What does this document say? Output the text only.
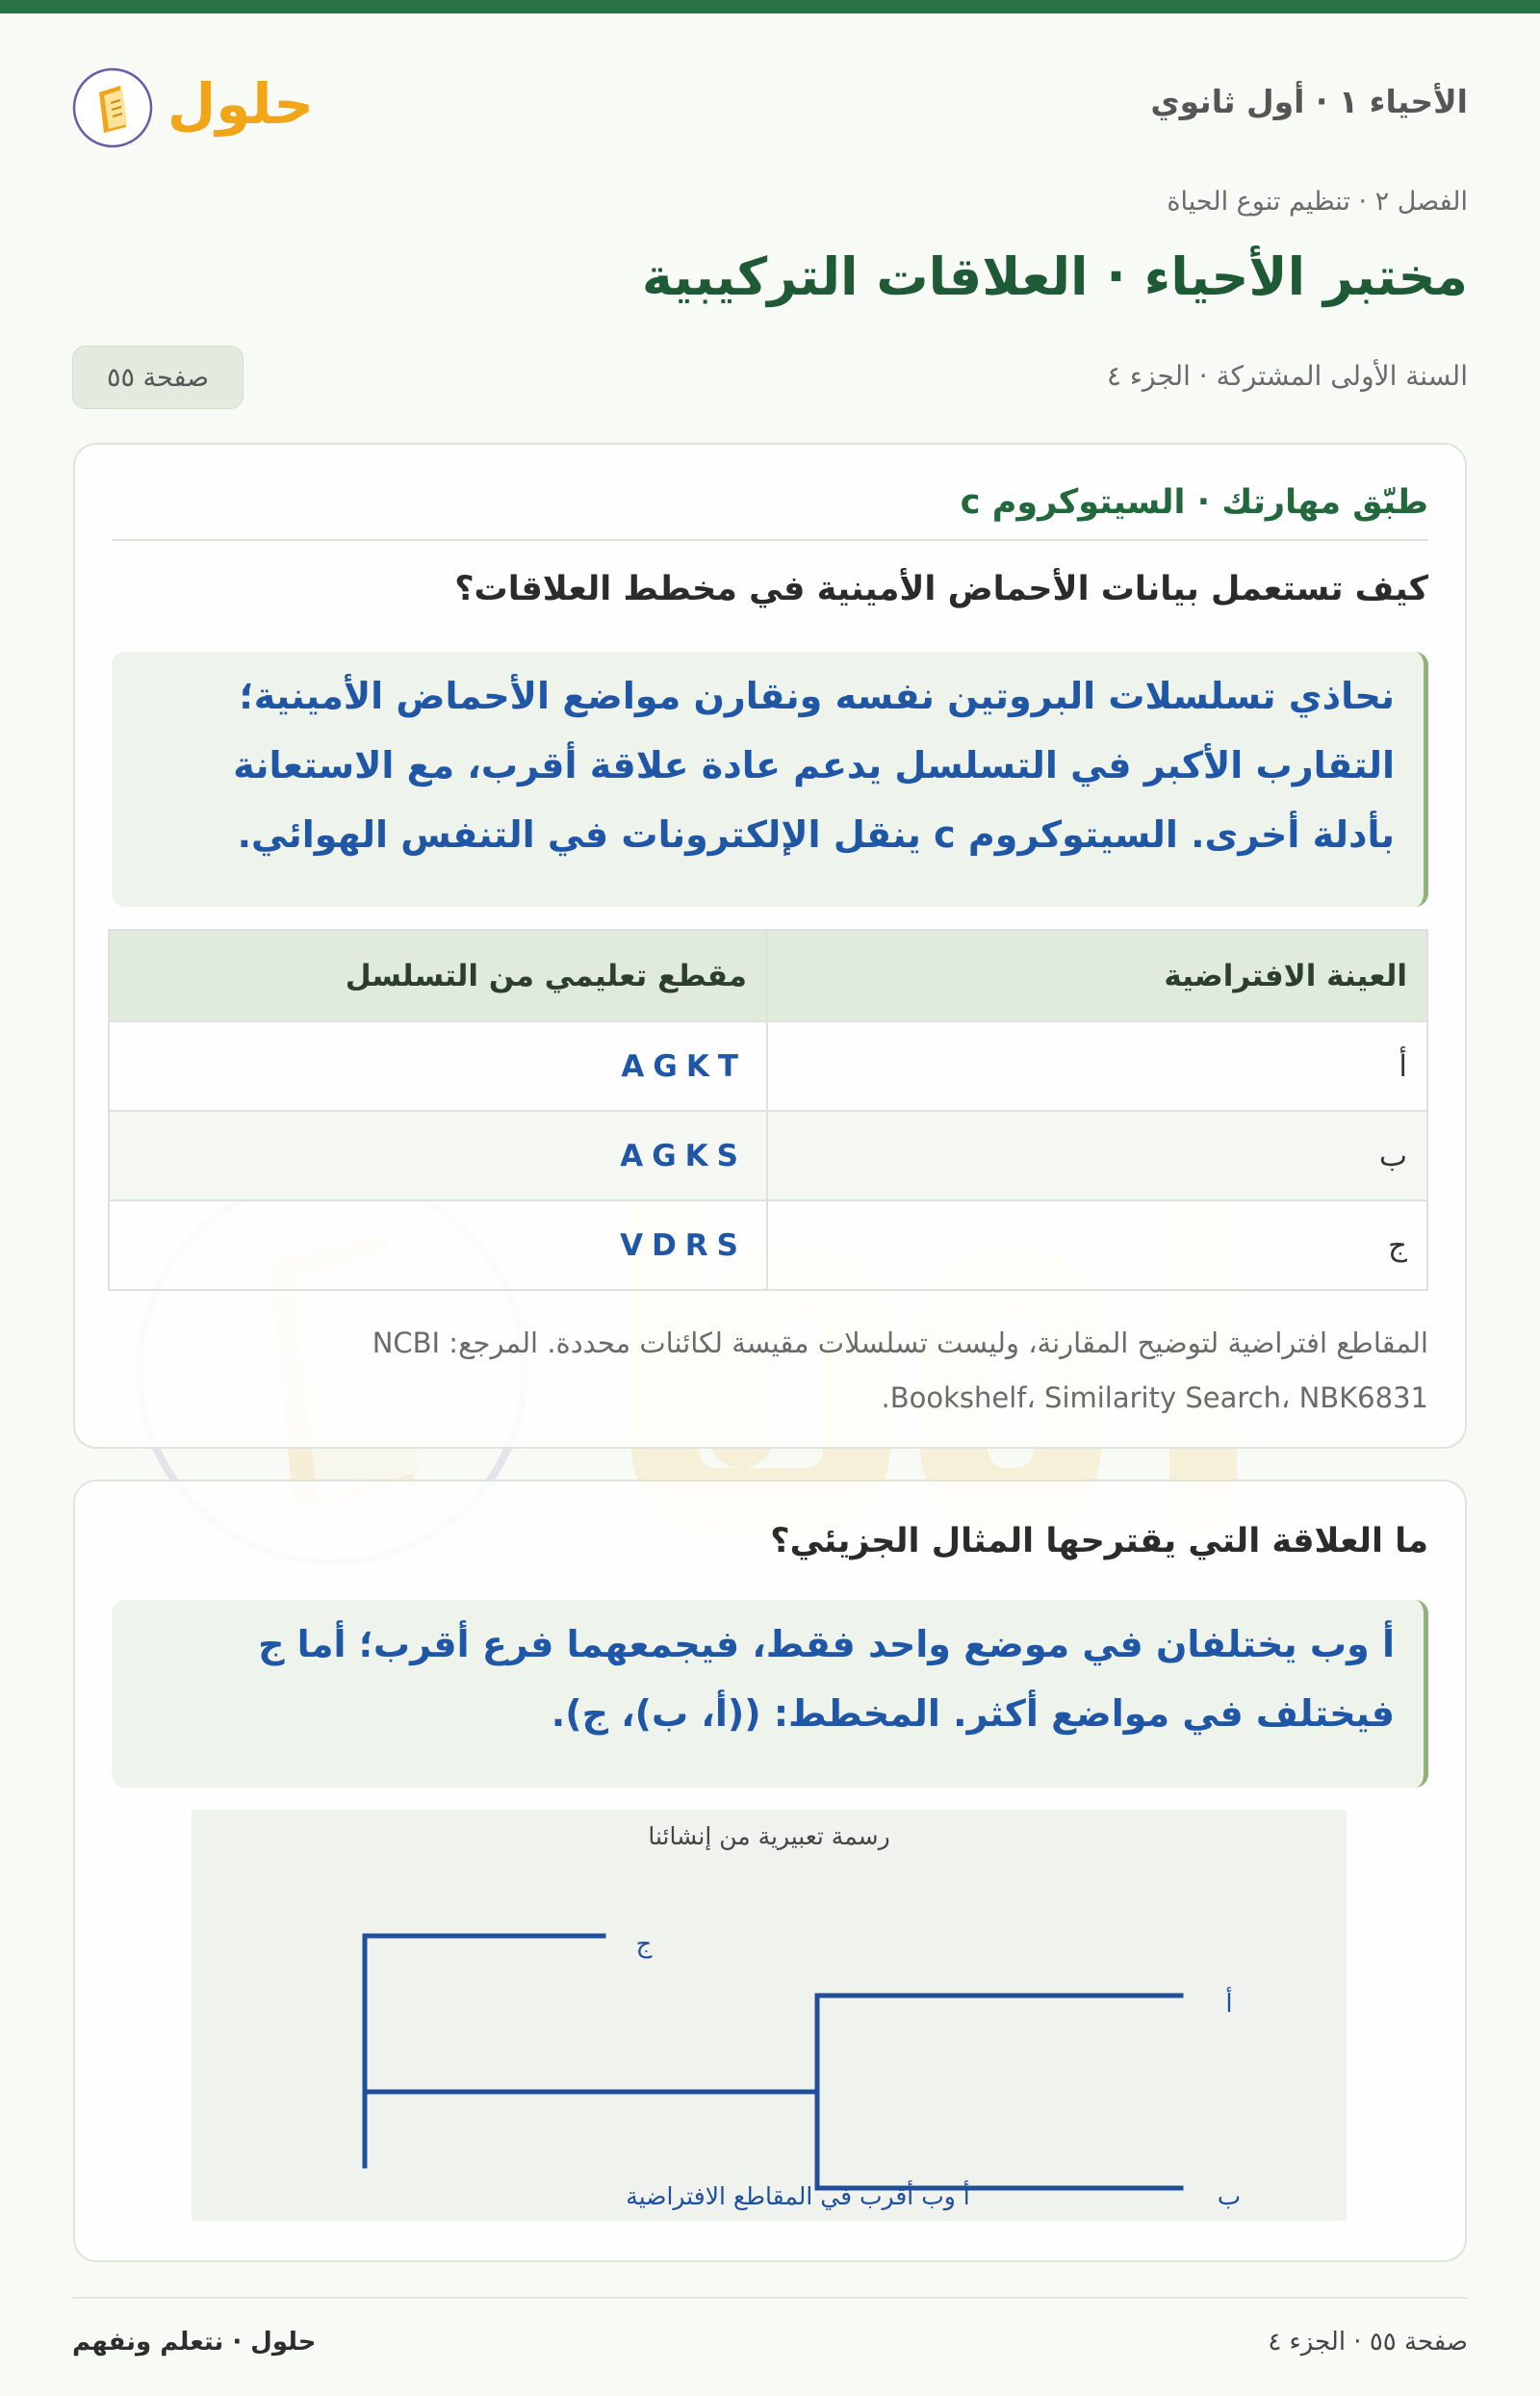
الأحياء ١ · أول ثانوي
حلول
الفصل ٢ · تنظيم تنوع الحياة
مختبر الأحياء · العلاقات التركيبية
السنة الأولى المشتركة · الجزء ٤
صفحة ٥٥
طبّق مهارتك · السيتوكروم c
كيف تستعمل بيانات الأحماض الأمينية في مخطط العلاقات؟
نحاذي تسلسلات البروتين نفسه ونقارن مواضع الأحماض الأمينية؛
التقارب الأكبر في التسلسل يدعم عادة علاقة أقرب، مع الاستعانة
بأدلة أخرى. السيتوكروم c ينقل الإلكترونات في التنفس الهوائي.
العينة الافتراضية	مقطع تعليمي من التسلسل
أ	AGKT
ب	AGKS
ج	VDRS
المقاطع افتراضية لتوضيح المقارنة، وليست تسلسلات مقيسة لكائنات محددة. المرجع: NCBI
Bookshelf، Similarity Search، NBK6831.
ما العلاقة التي يقترحها المثال الجزيئي؟
أ وب يختلفان في موضع واحد فقط، فيجمعهما فرع أقرب؛ أما ج
فيختلف في مواضع أكثر. المخطط: ((أ، ب)، ج).
رسمة تعبيرية من إنشائنا
ج
أ
ب
أ وب أقرب في المقاطع الافتراضية
صفحة ٥٥ · الجزء ٤
حلول · نتعلم ونفهم
